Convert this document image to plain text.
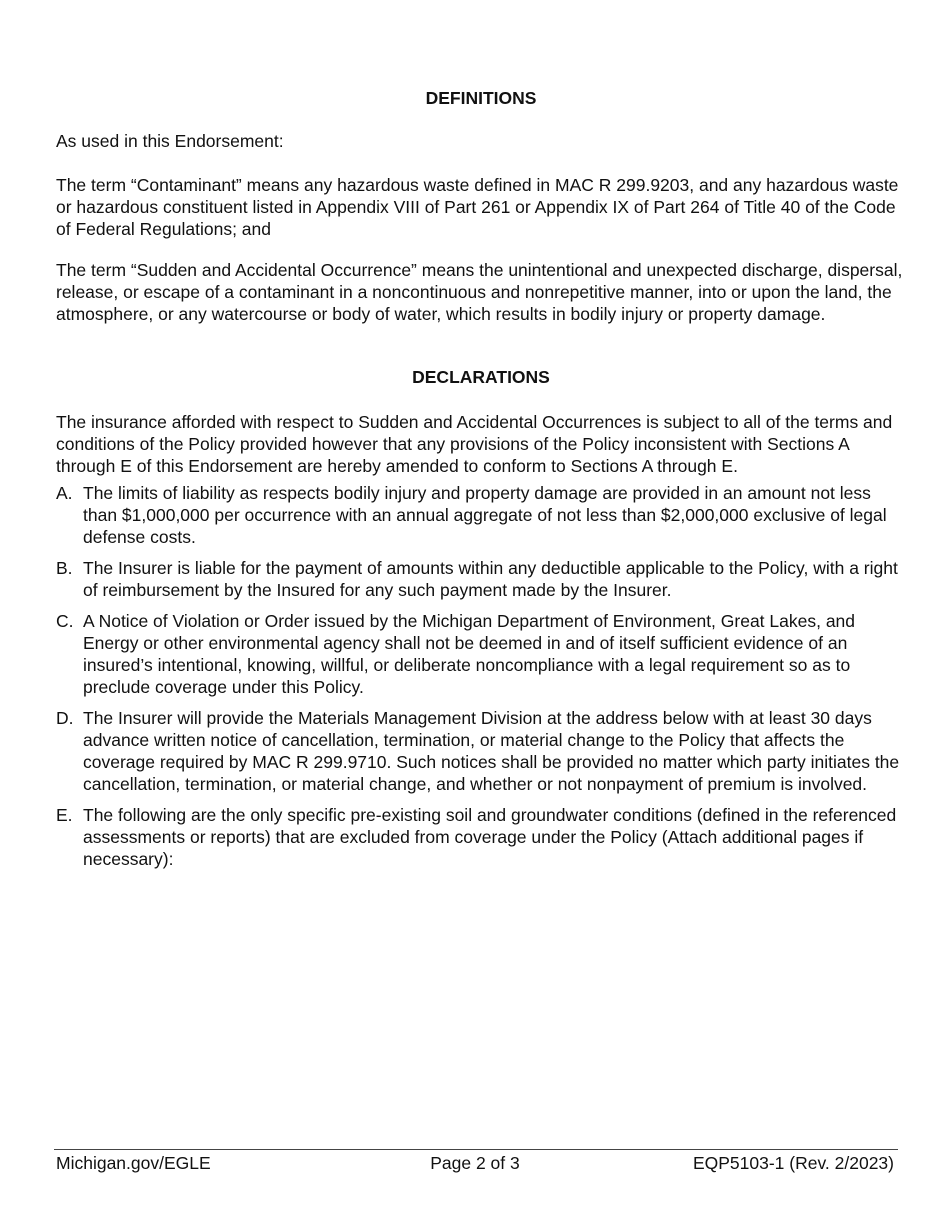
DEFINITIONS

As used in this Endorsement:

The term “Contaminant” means any hazardous waste defined in MAC R 299.9203, and any hazardous waste or hazardous constituent listed in Appendix VIII of Part 261 or Appendix IX of Part 264 of Title 40 of the Code of Federal Regulations; and

The term “Sudden and Accidental Occurrence” means the unintentional and unexpected discharge, dispersal, release, or escape of a contaminant in a noncontinuous and nonrepetitive manner, into or upon the land, the atmosphere, or any watercourse or body of water, which results in bodily injury or property damage.

DECLARATIONS

The insurance afforded with respect to Sudden and Accidental Occurrences is subject to all of the terms and conditions of the Policy provided however that any provisions of the Policy inconsistent with Sections A through E of this Endorsement are hereby amended to conform to Sections A through E.

A. The limits of liability as respects bodily injury and property damage are provided in an amount not less than $1,000,000 per occurrence with an annual aggregate of not less than $2,000,000 exclusive of legal defense costs.
B. The Insurer is liable for the payment of amounts within any deductible applicable to the Policy, with a right of reimbursement by the Insured for any such payment made by the Insurer.
C. A Notice of Violation or Order issued by the Michigan Department of Environment, Great Lakes, and Energy or other environmental agency shall not be deemed in and of itself sufficient evidence of an insured’s intentional, knowing, willful, or deliberate noncompliance with a legal requirement so as to preclude coverage under this Policy.
D. The Insurer will provide the Materials Management Division at the address below with at least 30 days advance written notice of cancellation, termination, or material change to the Policy that affects the coverage required by MAC R 299.9710. Such notices shall be provided no matter which party initiates the cancellation, termination, or material change, and whether or not nonpayment of premium is involved.
E. The following are the only specific pre-existing soil and groundwater conditions (defined in the referenced assessments or reports) that are excluded from coverage under the Policy (Attach additional pages if necessary):
Michigan.gov/EGLE	Page 2 of 3	EQP5103-1 (Rev. 2/2023)
